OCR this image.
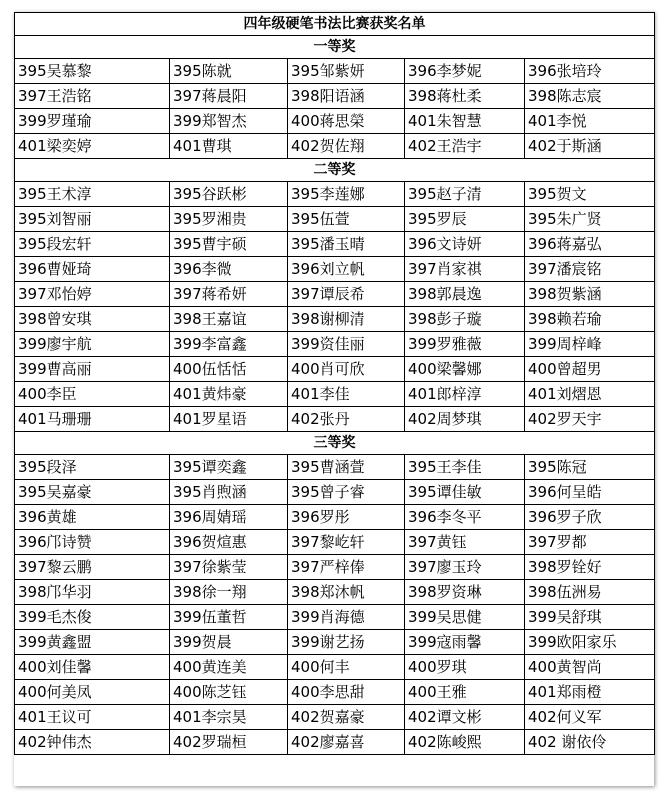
四年级硬笔书法比赛获奖名单				
一等奖				
395吴慕黎	395陈就	395邹紫妍	396李梦妮	396张培玲
397王浩铭	397蒋晨阳	398阳语涵	398蒋杜柔	398陈志宸
399罗瑾瑜	399郑智杰	400蒋思榮	401朱智慧	401李悦
401梁奕婷	401曹琪	402贺佐翔	402王浩宇	402于斯涵
二等奖				
395王术淳	395谷跃彬	395李莲娜	395赵子清	395贺文
395刘智丽	395罗湘贵	395伍萱	395罗辰	395朱广贤
395段宏轩	395曹宇硕	395潘玉晴	396文诗妍	396蒋嘉弘
396曹娅琦	396李微	396刘立帆	397肖家祺	397潘宸铭
397邓怡婷	397蒋希妍	397谭辰希	398郭晨逸	398贺紫涵
398曾安琪	398王嘉谊	398谢柳清	398彭子璇	398赖若瑜
399廖宇航	399李富鑫	399资佳丽	399罗雅薇	399周梓峰
399曹高丽	400伍恬恬	400肖可欣	400梁馨娜	400曾超男
400李臣	401黄炜豪	401李佳	401郎梓淳	401刘熠恩
401马珊珊	401罗星语	402张丹	402周梦琪	402罗天宇
三等奖				
395段泽	395谭奕鑫	395曹涵萱	395王李佳	395陈冠
395吴嘉豪	395肖煦涵	395曾子睿	395谭佳敏	396何呈皓
396黄雄	396周婧瑶	396罗彤	396李冬平	396罗子欣
396邝诗赞	396贺煊惠	397黎屹轩	397黄钰	397罗都
397黎云鹏	397徐紫莹	397严梓俸	397廖玉玲	398罗铨好
398邝华羽	398徐一翔	398郑沐帆	398罗资琳	398伍洲易
399毛杰俊	399伍董哲	399肖海德	399吴思健	399吴舒琪
399黄鑫盟	399贺晨	399谢艺扬	399寇雨馨	399欧阳家乐
400刘佳馨	400黄连美	400何丰	400罗琪	400黄智尚
400何美凤	400陈芝钰	400李思甜	400王雅	401郑雨橙
401王议可	401李宗昊	402贺嘉豪	402谭文彬	402何义军
402钟伟杰	402罗瑞桓	402廖嘉喜	402陈峻熙	402 谢依伶
